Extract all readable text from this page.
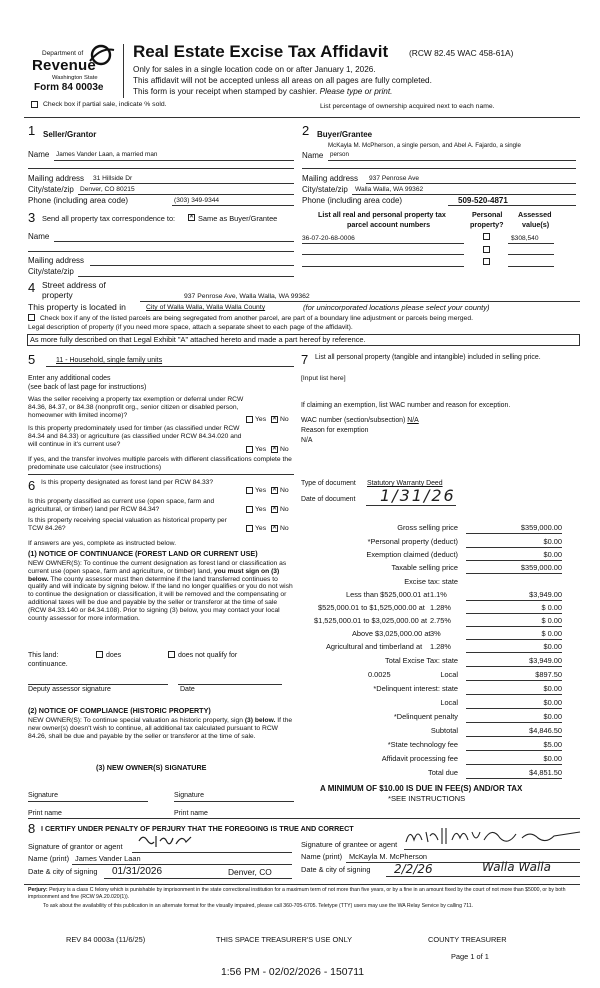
Department of
Revenue
Washington State
Form 84 0003e
Real Estate Excise Tax Affidavit (RCW 82.45 WAC 458-61A)
Only for sales in a single location code on or after January 1, 2026.
This affidavit will not be accepted unless all areas on all pages are fully completed.
This form is your receipt when stamped by cashier. Please type or print.
Check box if partial sale, indicate % sold.	List percentage of ownership acquired next to each name.
1 Seller/Grantor
Name James Vander Laan, a married man
Mailing address 31 Hillside Dr
City/state/zip Denver, CO 80215
Phone (including area code)	(303) 349-9344
2 Buyer/Grantee
McKayla M. McPherson, a single person, and Abel A. Fajardo, a single
Name person
Mailing address 937 Penrose Ave
City/state/zip Walla Walla, WA 99362
Phone (including area code)	509-520-4871
3 Send all property tax correspondence to: ✕	Same as Buyer/Grantee
Name
Mailing address
City/state/zip
List all real and personal property tax
parcel account numbers
Personal
property?
Assessed
value(s)
36-07-20-68-0006	$308,540
4 Street address of
property	937 Penrose Ave, Walla Walla, WA 99362
This property is located in	City of Walla Walla, Walla Walla County	(for unincorporated locations please select your county)
Check box if any of the listed parcels are being segregated from another parcel, are part of a boundary line adjustment or parcels being merged.
Legal description of property (if you need more space, attach a separate sheet to each page of the affidavit).
As more fully described on that Legal Exhibit "A" attached hereto and made a part hereof by reference.
5	11 - Household, single family units
Enter any additional codes
(see back of last page for instructions)
Was the seller receiving a property tax exemption or deferral under RCW 84.36, 84.37, or 84.38 (nonprofit org., senior citizen or disabled person, homeowner with limited income)?
Yes ✕ No
Is this property predominately used for timber (as classified under RCW 84.34 and 84.33) or agriculture (as classified under RCW 84.34.020 and will continue in it's current use?
Yes ✕ No
If yes, and the transfer involves multiple parcels with different classifications complete the predominate use calculator (see instructions)
6 Is this property designated as forest land per RCW 84.33?
Yes ✕ No
Is this property classified as current use (open space, farm and agricultural, or timber) land per RCW 84.34?	Yes ✕ No
Is this property receiving special valuation as historical property per TCW 84.26?	Yes ✕ No
If answers are yes, complete as instructed below.
(1) NOTICE OF CONTINUANCE (FOREST LAND OR CURRENT USE)
NEW OWNER(S): To continue the current designation as forest land or classification as current use (open space, farm and agriculture, or timber) land, you must sign on (3) below. The county assessor must then determine if the land transferred continues to qualify and will indicate by signing below. If the land no longer qualifies or you do not wish to continue the designation or classification, it will be removed and the compensating or additional taxes will be due and payable by the seller or transferor at the time of sale (RCW 84.33.140 or 84.34.108). Prior to signing (3) below, you may contact your local county assessor for more information.
This land:	does	does not qualify for
continuance.
Deputy assessor signature	Date
(2) NOTICE OF COMPLIANCE (HISTORIC PROPERTY)
NEW OWNER(S): To continue special valuation as historic property, sign (3) below. If the new owner(s) doesn't wish to continue, all additional tax calculated pursuant to RCW 84.26, shall be due and payable by the seller or transferor at the time of sale.
(3) NEW OWNER(S) SIGNATURE
Signature	Signature
Print name	Print name
7 List all personal property (tangible and intangible) included in selling price.
[Input list here]
If claiming an exemption, list WAC number and reason for exception.
WAC number (section/subsection) N/A
Reason for exemption
N/A
Type of document Statutory Warranty Deed
Date of document 1/31/26
Gross selling price	$359,000.00
*Personal property (deduct)	$0.00
Exemption claimed (deduct)	$0.00
Taxable selling price	$359,000.00
Excise tax: state
Less than $525,000.01 at 1.1%	$3,949.00
$525,000.01 to $1,525,000.00 at 1.28%	$ 0.00
$1,525,000.01 to $3,025,000.00 at 2.75%	$ 0.00
Above $3,025,000.00 at 3%	$ 0.00
Agricultural and timberland at 1.28%	$0.00
Total Excise Tax: state	$3,949.00
0.0025	Local	$897.50
*Delinquent interest: state	$0.00
Local	$0.00
*Delinquent penalty	$0.00
Subtotal	$4,846.50
*State technology fee	$5.00
Affidavit processing fee	$0.00
Total due	$4,851.50
A MINIMUM OF $10.00 IS DUE IN FEE(S) AND/OR TAX
*SEE INSTRUCTIONS
8 I CERTIFY UNDER PENALTY OF PERJURY THAT THE FOREGOING IS TRUE AND CORRECT
Signature of grantor or agent
Name (print) James Vander Laan
Date & city of signing 01/31/2026	Denver, CO
Signature of grantee or agent
Name (print) McKayla M. McPherson
Date & city of signing 2/2/26	Walla Walla
Perjury: Perjury is a class C felony which is punishable by imprisonment in the state correctional institution for a maximum term of not more than five years, or by a fine in an amount fixed by the court of not more than $5000, or by both imprisonment and fine (RCW 9A.20.020(1)).
To ask about the availability of this publication in an alternate format for the visually impaired, please call 360-705-6705. Teletype (TTY) users may use the WA Relay Service by calling 711.
REV 84 0003a (11/6/25)	THIS SPACE TREASURER'S USE ONLY	COUNTY TREASURER
Page 1 of 1
1:56 PM - 02/02/2026 - 150711
